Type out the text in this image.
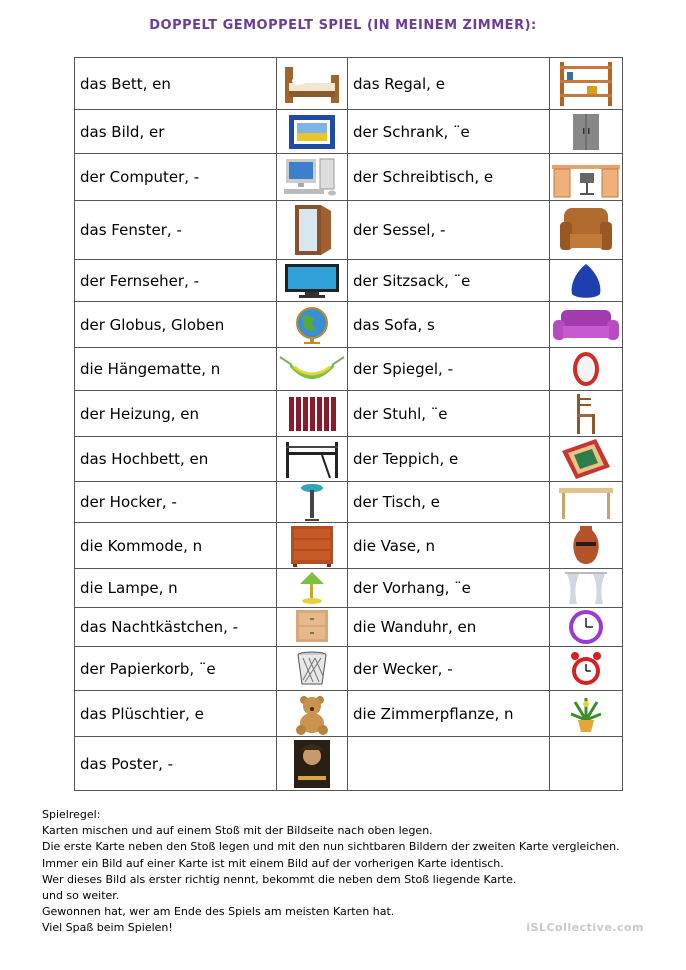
DOPPELT GEMOPPELT SPIEL (IN MEINEM ZIMMER):
das Bett, en		das Regal, e	

das Bild, er		der Schrank, ¨e	

der Computer, -		der Schreibtisch, e	

das Fenster, -		der Sessel, -	

der Fernseher, -		der Sitzsack, ¨e	

der Globus, Globen		das Sofa, s	

die Hängematte, n		der Spiegel, -	

der Heizung, en		der Stuhl, ¨e	

das Hochbett, en		der Teppich, e	

der Hocker, -		der Tisch, e	

die Kommode, n		die Vase, n	

die Lampe, n		der Vorhang, ¨e	

das Nachtkästchen, -		die Wanduhr, en	

der Papierkorb, ¨e		der Wecker, -	

das Plüschtier, e		die Zimmerpflanze, n	

das Poster, -	

Spielregel:
Karten mischen und auf einem Stoß mit der Bildseite nach oben legen.
Die erste Karte neben den Stoß legen und mit den nun sichtbaren Bildern der zweiten Karte vergleichen.
Immer ein Bild auf einer Karte ist mit einem Bild auf der vorherigen Karte identisch.
Wer dieses Bild als erster richtig nennt, bekommt die neben dem Stoß liegende Karte.
und so weiter.
Gewonnen hat, wer am Ende des Spiels am meisten Karten hat.
Viel Spaß beim Spielen!	iSLCollective.com
